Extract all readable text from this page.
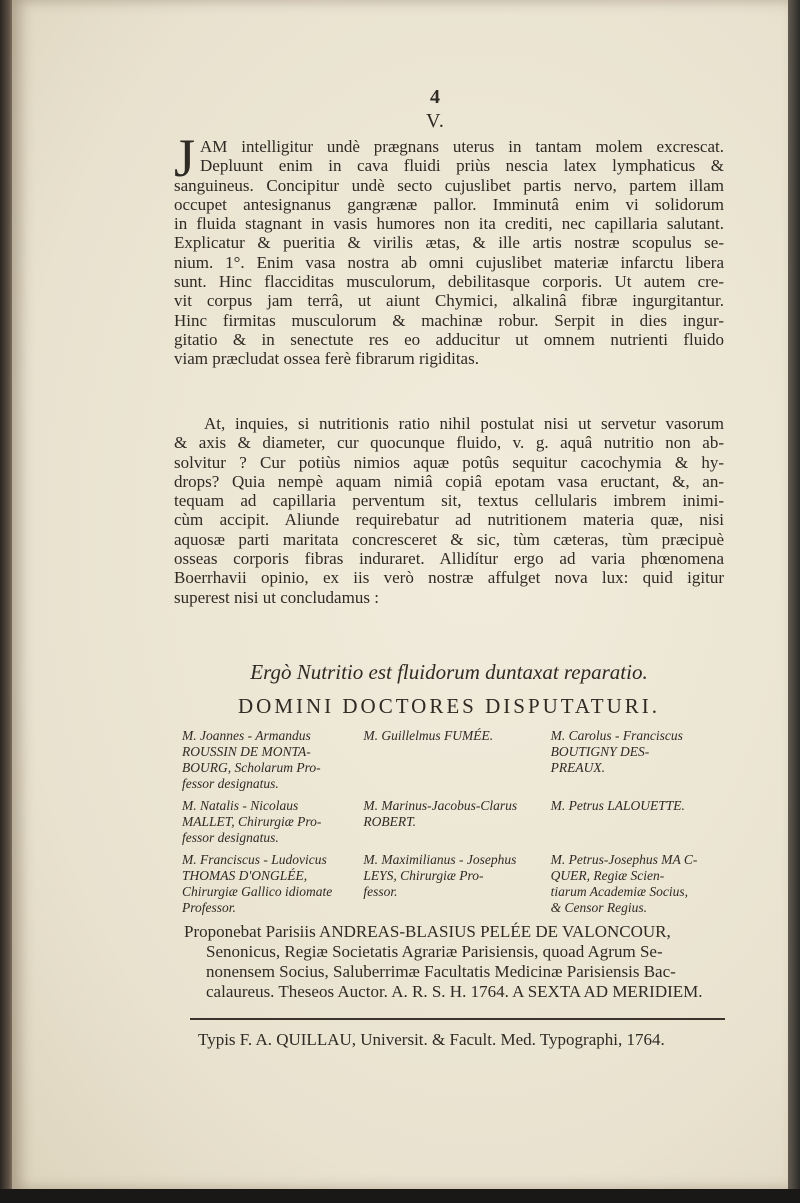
4
V.
J AM intelligitur undè prægnans uterus in tantam molem excrescat.
Depluunt enim in cava fluidi priùs nescia latex lymphaticus &
sanguineus. Concipitur undè secto cujuslibet partis nervo, partem illam
occupet antesignanus gangrænæ pallor. Imminutâ enim vi solidorum
in fluida stagnant in vasis humores non ita crediti, nec capillaria salutant.
Explicatur & pueritia & virilis ætas, & ille artis nostræ scopulus se-
nium. 1°. Enim vasa nostra ab omni cujuslibet materiæ infarctu libera
sunt. Hinc flacciditas musculorum, debilitasque corporis. Ut autem cre-
vit corpus jam terrâ, ut aiunt Chymici, alkalinâ fibræ ingurgitantur.
Hinc firmitas musculorum & machinæ robur. Serpit in dies ingur-
gitatio & in senectute res eo adducitur ut omnem nutrienti fluido
viam præcludat ossea ferè fibrarum rigiditas.
At, inquies, si nutritionis ratio nihil postulat nisi ut servetur vasorum
& axis & diameter, cur quocunque fluido, v. g. aquâ nutritio non ab-
solvitur ? Cur potiùs nimios aquæ potûs sequitur cacochymia & hy-
drops? Quia nempè aquam nimiâ copiâ epotam vasa eructant, &, an-
tequam ad capillaria perventum sit, textus cellularis imbrem inimi-
cùm accipit. Aliunde requirebatur ad nutritionem materia quæ, nisi
aquosæ parti maritata concresceret & sic, tùm cæteras, tùm præcipuè
osseas corporis fibras induraret. Allidítur ergo ad varia phœnomena
Boerrhavii opinio, ex iis verò nostræ affulget nova lux: quid igitur
superest nisi ut concludamus :
Ergò Nutritio est fluidorum duntaxat reparatio.
DOMINI DOCTORES DISPUTATURI.
M. Joannes - Armandus
ROUSSIN DE MONTA-
BOURG, Scholarum Pro-
fessor designatus.
M. Guillelmus FUMÉE.	M. Carolus - Franciscus
BOUTIGNY DES-
PREAUX.
M. Natalis - Nicolaus
MALLET, Chirurgiæ Pro-
fessor designatus.
M. Marinus-Jacobus-Clarus
ROBERT.
M. Petrus LALOUETTE.
M. Franciscus - Ludovicus
THOMAS D'ONGLÉE,
Chirurgiæ Gallico idiomate
Professor.
M. Maximilianus - Josephus
LEYS, Chirurgiæ Pro-
fessor.
M. Petrus-Josephus MA C-
QUER, Regiæ Scien-
tiarum Academiæ Socius,
& Censor Regius.
Proponebat Parisiis ANDREAS-BLASIUS PELÉE DE VALONCOUR,
Senonicus, Regiæ Societatis Agrariæ Parisiensis, quoad Agrum Se-
nonensem Socius, Saluberrimæ Facultatis Medicinæ Parisiensis Bac-
calaureus. Theseos Auctor. A. R. S. H. 1764. A SEXTA AD MERIDIEM.
Typis F. A. QUILLAU, Universit. & Facult. Med. Typographi, 1764.
